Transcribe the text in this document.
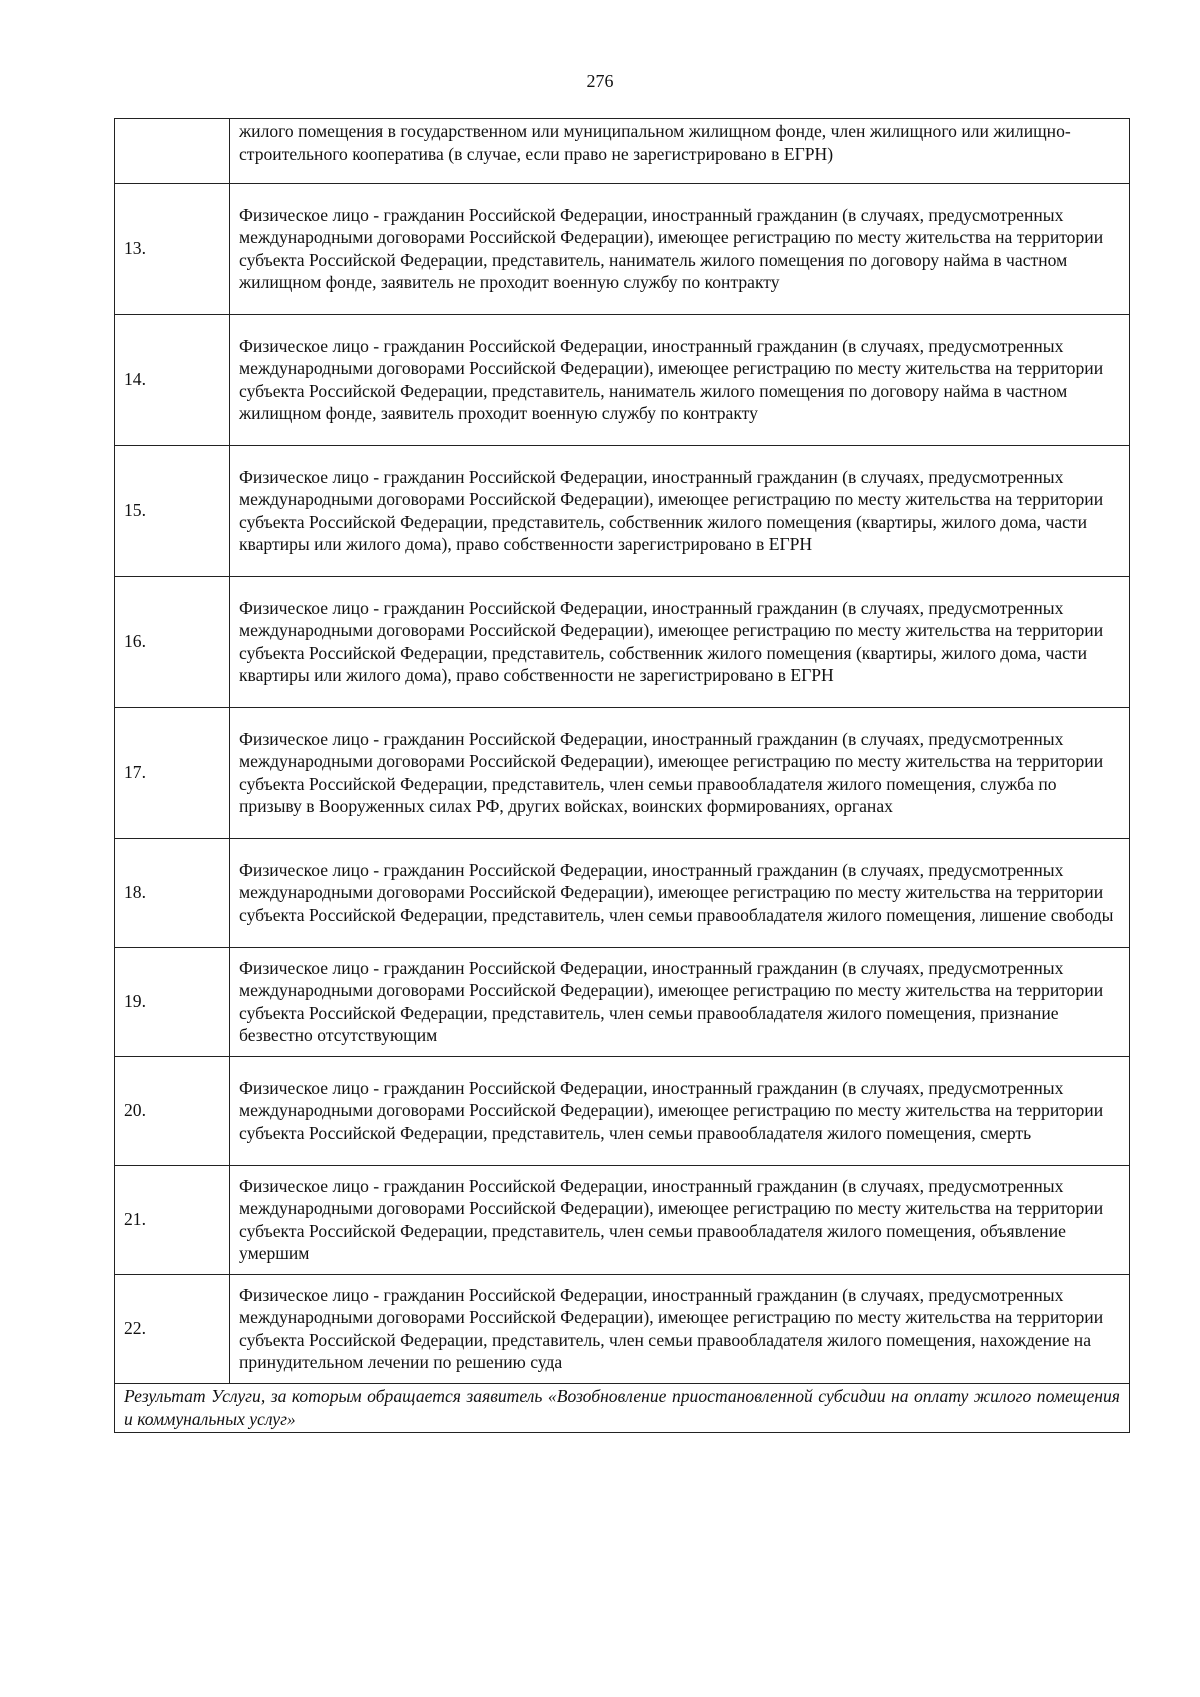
276
	жилого помещения в государственном или муниципальном жилищном фонде, член жилищного или жилищно-строительного кооператива (в случае, если право не зарегистрировано в ЕГРН)
13.	Физическое лицо - гражданин Российской Федерации, иностранный гражданин (в случаях, предусмотренных международными договорами Российской Федерации), имеющее регистрацию по месту жительства на территории субъекта Российской Федерации, представитель, наниматель жилого помещения по договору найма в частном жилищном фонде, заявитель не проходит военную службу по контракту
14.	Физическое лицо - гражданин Российской Федерации, иностранный гражданин (в случаях, предусмотренных международными договорами Российской Федерации), имеющее регистрацию по месту жительства на территории субъекта Российской Федерации, представитель, наниматель жилого помещения по договору найма в частном жилищном фонде, заявитель проходит военную службу по контракту
15.	Физическое лицо - гражданин Российской Федерации, иностранный гражданин (в случаях, предусмотренных международными договорами Российской Федерации), имеющее регистрацию по месту жительства на территории субъекта Российской Федерации, представитель, собственник жилого помещения (квартиры, жилого дома, части квартиры или жилого дома), право собственности зарегистрировано в ЕГРН
16.	Физическое лицо - гражданин Российской Федерации, иностранный гражданин (в случаях, предусмотренных международными договорами Российской Федерации), имеющее регистрацию по месту жительства на территории субъекта Российской Федерации, представитель, собственник жилого помещения (квартиры, жилого дома, части квартиры или жилого дома), право собственности не зарегистрировано в ЕГРН
17.	Физическое лицо - гражданин Российской Федерации, иностранный гражданин (в случаях, предусмотренных международными договорами Российской Федерации), имеющее регистрацию по месту жительства на территории субъекта Российской Федерации, представитель, член семьи правообладателя жилого помещения, служба по призыву в Вооруженных силах РФ, других войсках, воинских формированиях, органах
18.	Физическое лицо - гражданин Российской Федерации, иностранный гражданин (в случаях, предусмотренных международными договорами Российской Федерации), имеющее регистрацию по месту жительства на территории субъекта Российской Федерации, представитель, член семьи правообладателя жилого помещения, лишение свободы
19.	Физическое лицо - гражданин Российской Федерации, иностранный гражданин (в случаях, предусмотренных международными договорами Российской Федерации), имеющее регистрацию по месту жительства на территории субъекта Российской Федерации, представитель, член семьи правообладателя жилого помещения, признание безвестно отсутствующим
20.	Физическое лицо - гражданин Российской Федерации, иностранный гражданин (в случаях, предусмотренных международными договорами Российской Федерации), имеющее регистрацию по месту жительства на территории субъекта Российской Федерации, представитель, член семьи правообладателя жилого помещения, смерть
21.	Физическое лицо - гражданин Российской Федерации, иностранный гражданин (в случаях, предусмотренных международными договорами Российской Федерации), имеющее регистрацию по месту жительства на территории субъекта Российской Федерации, представитель, член семьи правообладателя жилого помещения, объявление умершим
22.	Физическое лицо - гражданин Российской Федерации, иностранный гражданин (в случаях, предусмотренных международными договорами Российской Федерации), имеющее регистрацию по месту жительства на территории субъекта Российской Федерации, представитель, член семьи правообладателя жилого помещения, нахождение на принудительном лечении по решению суда
Результат Услуги, за которым обращается заявитель «Возобновление приостановленной субсидии на оплату жилого помещения и коммунальных услуг»	
